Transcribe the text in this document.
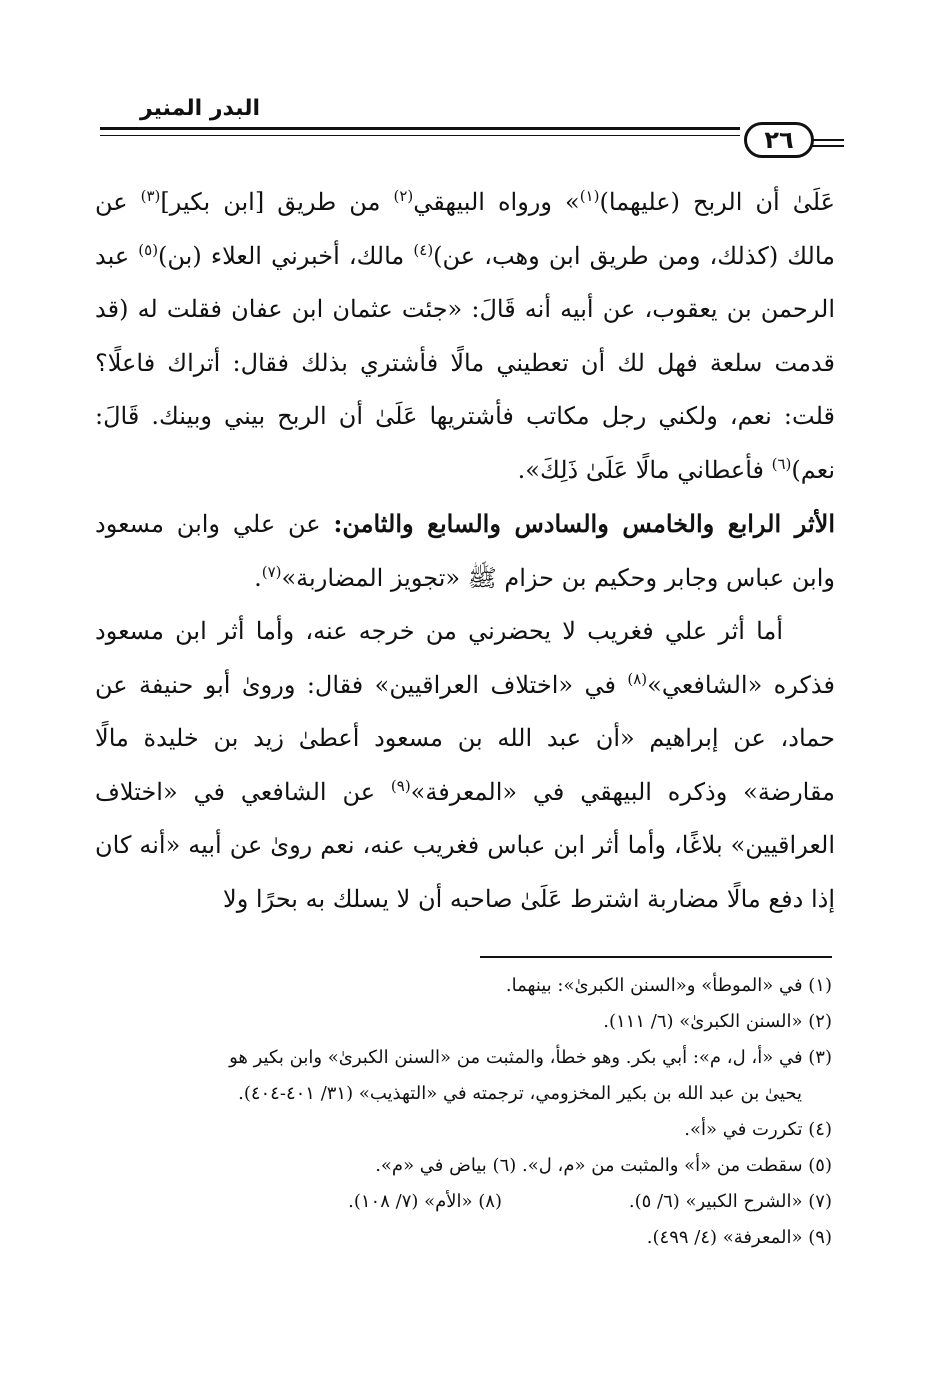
البدر المنير
٢٦

عَلَىٰ أن الربح (عليهما)$^{(١)}$» ورواه البيهقي$^{(٢)}$ من طريق [ابن بكير]$^{(٣)}$ عن مالك (كذلك، ومن طريق ابن وهب، عن)$^{(٤)}$ مالك، أخبرني العلاء (بن)$^{(٥)}$ عبد الرحمن بن يعقوب، عن أبيه أنه قَالَ: «جئت عثمان ابن عفان فقلت له (قد قدمت سلعة فهل لك أن تعطيني مالًا فأشتري بذلك فقال: أتراك فاعلًا؟ قلت: نعم، ولكني رجل مكاتب فأشتريها عَلَىٰ أن الربح بيني وبينك. قَالَ: نعم)$^{(٦)}$ فأعطاني مالًا عَلَىٰ ذَلِكَ».

الأثر الرابع والخامس والسادس والسابع والثامن: عن علي وابن مسعود وابن عباس وجابر وحكيم بن حزام ﷺ «تجويز المضاربة»$^{(٧)}$.

أما أثر علي فغريب لا يحضرني من خرجه عنه، وأما أثر ابن مسعود فذكره «الشافعي»$^{(٨)}$ في «اختلاف العراقيين» فقال: وروىٰ أبو حنيفة عن حماد، عن إبراهيم «أن عبد الله بن مسعود أعطىٰ زيد بن خليدة مالًا مقارضة» وذكره البيهقي في «المعرفة»$^{(٩)}$ عن الشافعي في «اختلاف العراقيين» بلاغًا، وأما أثر ابن عباس فغريب عنه، نعم روىٰ عن أبيه «أنه كان إذا دفع مالًا مضاربة اشترط عَلَىٰ صاحبه أن لا يسلك به بحرًا ولا

(١) في «الموطأ» و«السنن الكبرىٰ»: بينهما.
(٢) «السنن الكبرىٰ» (٦/ ١١١).
(٣) في «أ، ل، م»: أبي بكر. وهو خطأ، والمثبت من «السنن الكبرىٰ» وابن بكير هو
يحيىٰ بن عبد الله بن بكير المخزومي، ترجمته في «التهذيب» (٣١/ ٤٠١-٤٠٤).
(٤) تكررت في «أ».
(٥) سقطت من «أ» والمثبت من «م، ل». (٦) بياض في «م».
(٧) «الشرح الكبير» (٦/ ٥).
(٨) «الأم» (٧/ ١٠٨).
(٩) «المعرفة» (٤/ ٤٩٩).
